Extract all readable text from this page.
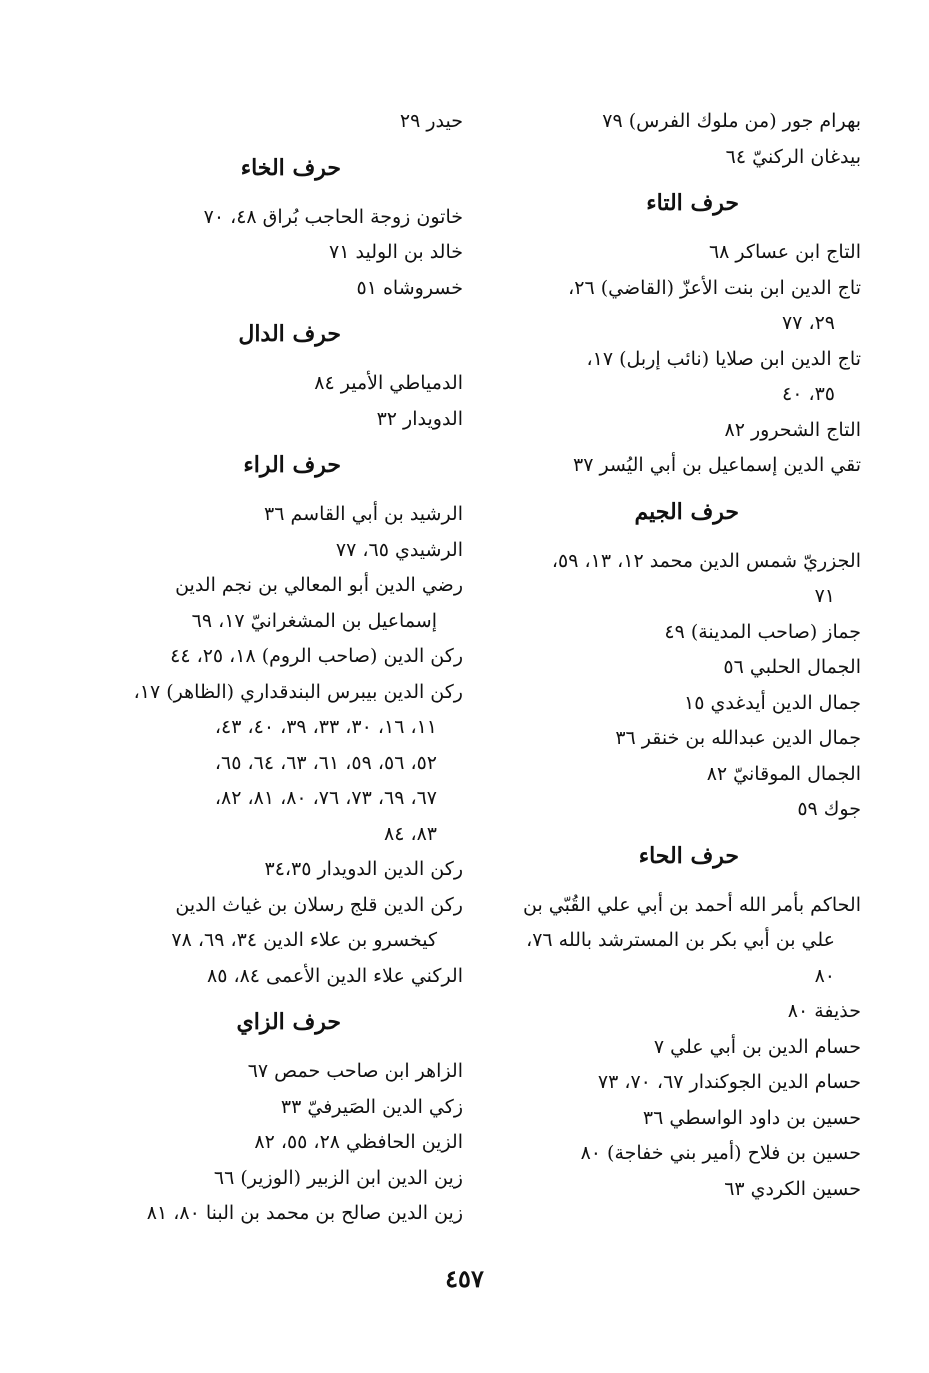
بهرام جور (من ملوك الفرس) ٧٩
بيدغان الركنيّ ٦٤
حرف التاء
التاج ابن عساكر ٦٨
تاج الدين ابن بنت الأعزّ (القاضي) ٢٦،
٢٩، ٧٧
تاج الدين ابن صلايا (نائب إربل) ١٧،
٣٥، ٤٠
التاج الشحرور ٨٢
تقي الدين إسماعيل بن أبي اليُسر ٣٧
حرف الجيم
الجزريّ شمس الدين محمد ١٢، ١٣، ٥٩،
٧١
جماز (صاحب المدينة) ٤٩
الجمال الحلبي ٥٦
جمال الدين أيدغدي ١٥
جمال الدين عبدالله بن خنقر ٣٦
الجمال الموقانيّ ٨٢
جوك ٥٩
حرف الحاء
الحاكم بأمر الله أحمد بن أبي علي القُبّي بن
علي بن أبي بكر بن المسترشد بالله ٧٦،
٨٠
حذيفة ٨٠
حسام الدين بن أبي علي ٧
حسام الدين الجوكندار ٦٧، ٧٠، ٧٣
حسين بن داود الواسطي ٣٦
حسين بن فلاح (أمير بني خفاجة) ٨٠
حسين الكردي ٦٣
حيدر ٢٩
حرف الخاء
خاتون زوجة الحاجب بُراق ٤٨، ٧٠
خالد بن الوليد ٧١
خسروشاه ٥١
حرف الدال
الدمياطي الأمير ٨٤
الدويدار ٣٢
حرف الراء
الرشيد بن أبي القاسم ٣٦
الرشيدي ٦٥، ٧٧
رضي الدين أبو المعالي بن نجم الدين
إسماعيل بن المشغرانيّ ١٧، ٦٩
ركن الدين (صاحب الروم) ١٨، ٢٥، ٤٤
ركن الدين بيبرس البندقداري (الظاهر) ١٧،
١١، ١٦، ٣٠، ٣٣، ٣٩، ٤٠، ٤٣،
٥٢، ٥٦، ٥٩، ٦١، ٦٣، ٦٤، ٦٥،
٦٧، ٦٩، ٧٣، ٧٦، ٨٠، ٨١، ٨٢،
٨٣، ٨٤
ركن الدين الدويدار ٣٤،٣٥
ركن الدين قلج رسلان بن غياث الدين
كيخسرو بن علاء الدين ٣٤، ٦٩، ٧٨
الركني علاء الدين الأعمى ٨٤، ٨٥
حرف الزاي
الزاهر ابن صاحب حمص ٦٧
زكي الدين الصَيرفيّ ٣٣
الزين الحافظي ٢٨، ٥٥، ٨٢
زين الدين ابن الزبير (الوزير) ٦٦
زين الدين صالح بن محمد بن البنا ٨٠، ٨١
٤٥٧
